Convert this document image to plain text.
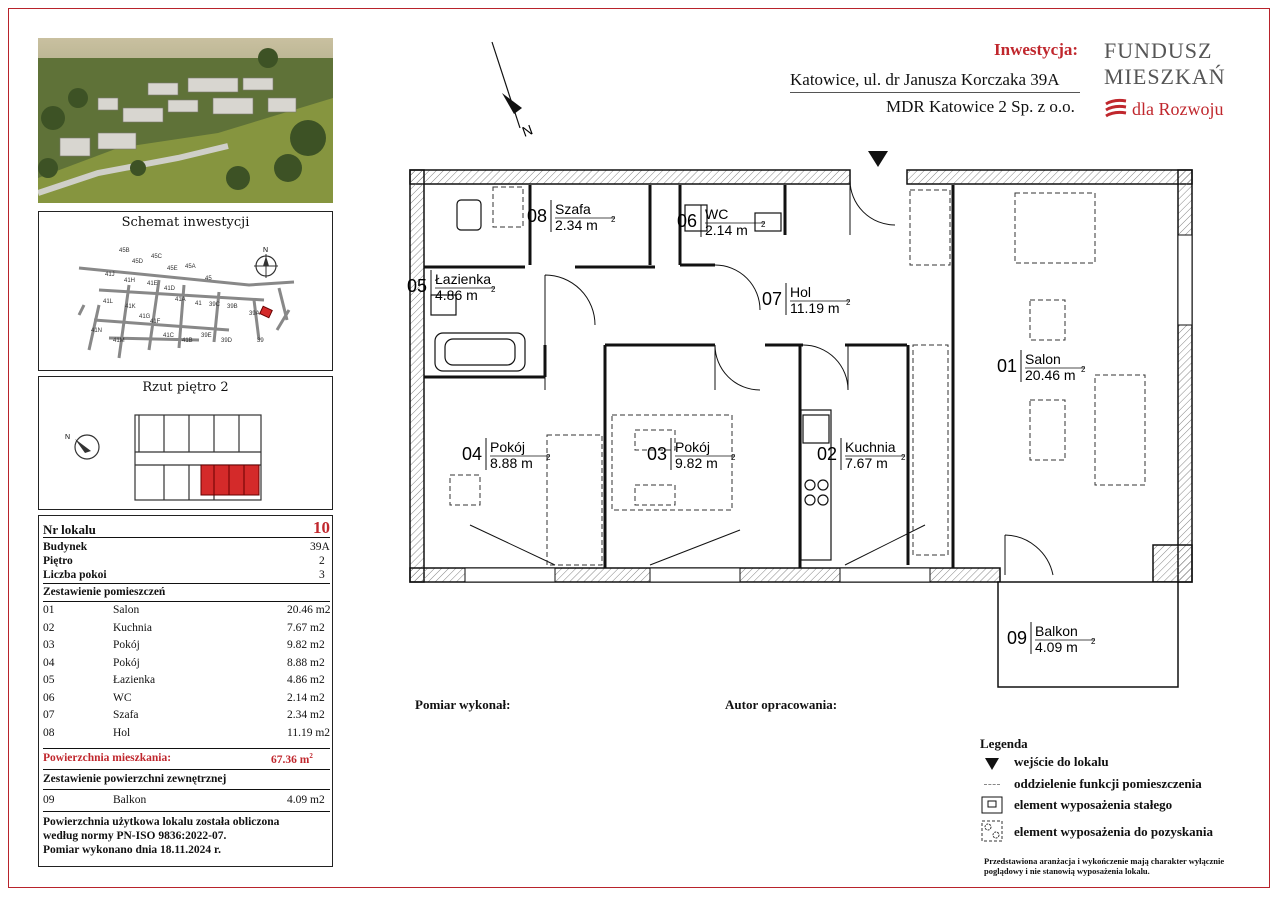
Schemat inwestycji
45B
45C
45D
45E 45A
41J
41H 41E
41D
45
41L
41K
41G
41A
41 39C 39B
39A
41F
39
41N
41M
41C
41B
39E
39D
N
Rzut piętro 2
N
Nr lokalu	10
Budynek	39A
Piętro	2
Liczba pokoi	3
Zestawienie pomieszczeń
01	Salon	20.46 m2
02	Kuchnia	7.67 m2
03	Pokój	9.82 m2
04	Pokój	8.88 m2
05	Łazienka	4.86 m2
06	WC	2.14 m2
07	Szafa	2.34 m2
08	Hol	11.19 m2
Powierzchnia mieszkania:	67.36 $m^2$
Zestawienie powierzchni zewnętrznej
09	Balkon	4.09 m2
Powierzchnia użytkowa lokalu została obliczona
według normy PN-ISO 9836:2022-07.
Pomiar wykonano dnia 18.11.2024 r.
Inwestycja:
Katowice, ul. dr Janusza Korczaka 39A
MDR Katowice 2 Sp. z o.o.
FUNDUSZ
MIESZKAŃ
dla Rozwoju
N
01 Salon
20.46 m 2
02 Kuchnia
7.67 m 2
03 Pokój
9.82 m 2
04 Pokój
8.88 m 2
05 Łazienka
4.86 m 2
06 WC
2.14 m 2
07 Hol
11.19 m 2
08 Szafa
2.34 m 2
09 Balkon
4.09 m 2
Pomiar wykonał:	Autor opracowania:
Legenda
wejście do lokalu
oddzielenie funkcji pomieszczenia
element wyposażenia stałego
element wyposażenia do pozyskania
Przedstawiona aranżacja i wykończenie mają charakter wyłącznie
poglądowy i nie stanowią wyposażenia lokalu.
